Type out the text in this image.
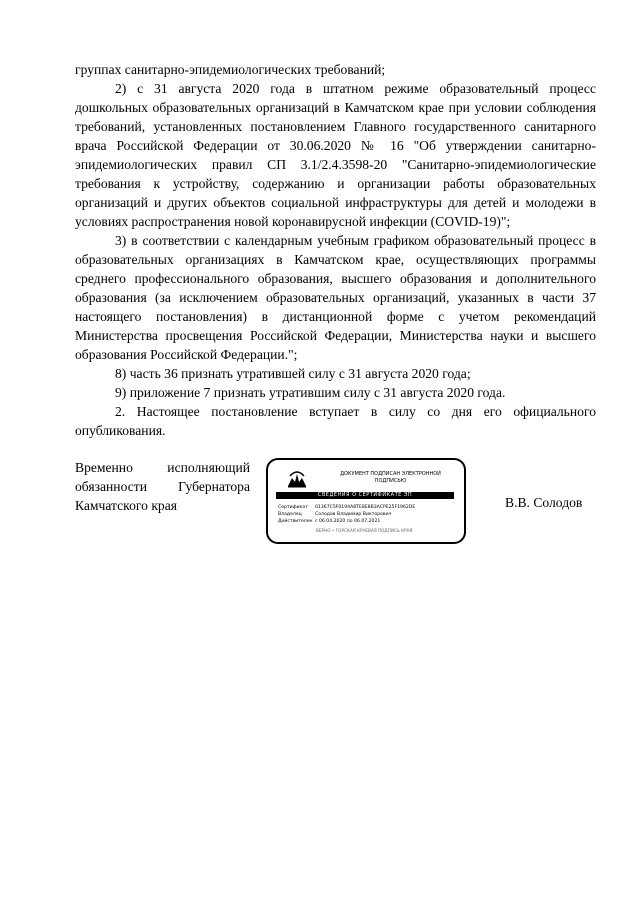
группах санитарно-эпидемиологических требований;

2) с 31 августа 2020 года в штатном режиме образовательный процесс дошкольных образовательных организаций в Камчатском крае при условии соблюдения требований, установленных постановлением Главного государственного санитарного врача Российской Федерации от 30.06.2020 № 16 "Об утверждении санитарно-эпидемиологических правил СП 3.1/2.4.3598-20 "Санитарно-эпидемиологические требования к устройству, содержанию и организации работы образовательных организаций и других объектов социальной инфраструктуры для детей и молодежи в условиях распространения новой коронавирусной инфекции (COVID-19)";

3) в соответствии с календарным учебным графиком образовательный процесс в образовательных организациях в Камчатском крае, осуществляющих программы среднего профессионального образования, высшего образования и дополнительного образования (за исключением образовательных организаций, указанных в части 37 настоящего постановления) в дистанционной форме с учетом рекомендаций Министерства просвещения Российской Федерации, Министерства науки и высшего образования Российской Федерации.";

8) часть 36 признать утратившей силу с 31 августа 2020 года;

9) приложение 7 признать утратившим силу с 31 августа 2020 года.

2. Настоящее постановление вступает в силу со дня его официального опубликования.

Временно исполняющий обязанности Губернатора Камчатского края
ДОКУМЕНТ ПОДПИСАН ЭЛЕКТРОННОЙ ПОДПИСЬЮ
СВЕДЕНИЯ О СЕРТИФИКАТЕ ЭП
Сертификат	01367C5F0194A8TE8E8B3ACPE25F1962DE
Владелец	Солодов Владимир Викторович
Действителен с 06.04.2020 по 06.07.2021
ВЕРНО • ГОРСКАЯ КРАЕВАЯ ПОДПИСЬ КРАЯ
В.В. Солодов
